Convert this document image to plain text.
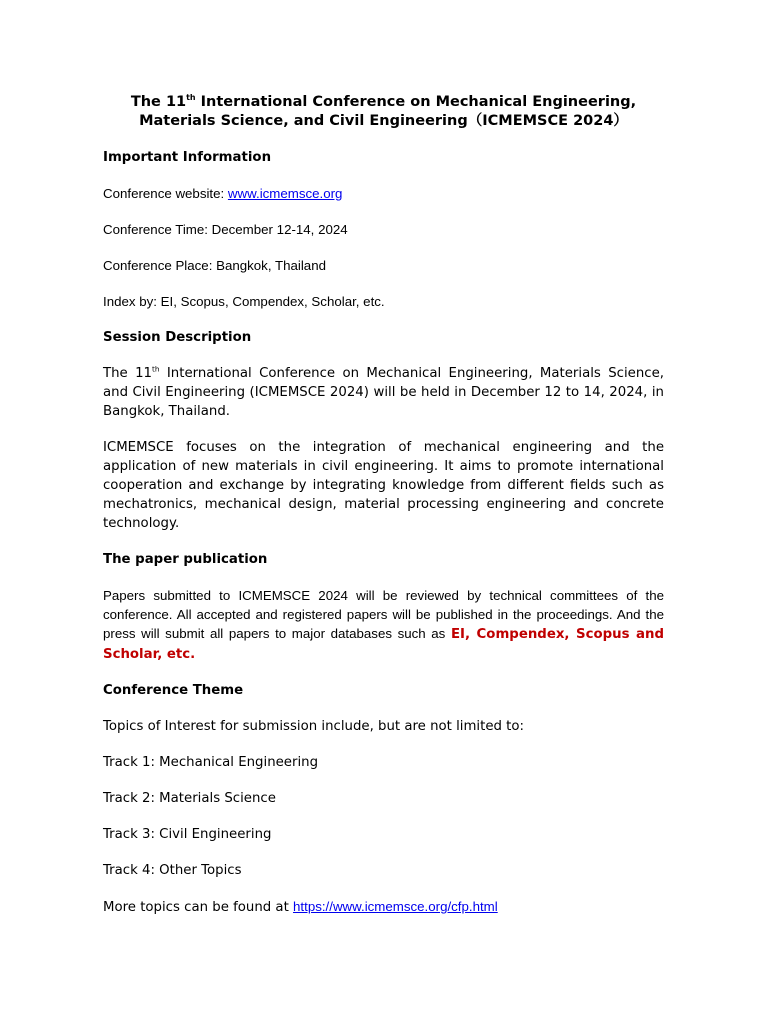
The 11th International Conference on Mechanical Engineering, Materials Science, and Civil Engineering（ICMEMSCE 2024）
Important Information

Conference website: www.icmemsce.org

Conference Time: December 12-14, 2024

Conference Place: Bangkok, Thailand

Index by: EI, Scopus, Compendex, Scholar, etc.

Session Description

The 11th International Conference on Mechanical Engineering, Materials Science, and Civil Engineering (ICMEMSCE 2024) will be held in December 12 to 14, 2024, in Bangkok, Thailand.

ICMEMSCE focuses on the integration of mechanical engineering and the application of new materials in civil engineering. It aims to promote international cooperation and exchange by integrating knowledge from different fields such as mechatronics, mechanical design, material processing engineering and concrete technology.

The paper publication

Papers submitted to ICMEMSCE 2024 will be reviewed by technical committees of the conference. All accepted and registered papers will be published in the proceedings. And the press will submit all papers to major databases such as EI, Compendex, Scopus and Scholar, etc.

Conference Theme

Topics of Interest for submission include, but are not limited to:

Track 1: Mechanical Engineering

Track 2: Materials Science

Track 3: Civil Engineering

Track 4: Other Topics

More topics can be found at https://www.icmemsce.org/cfp.html
